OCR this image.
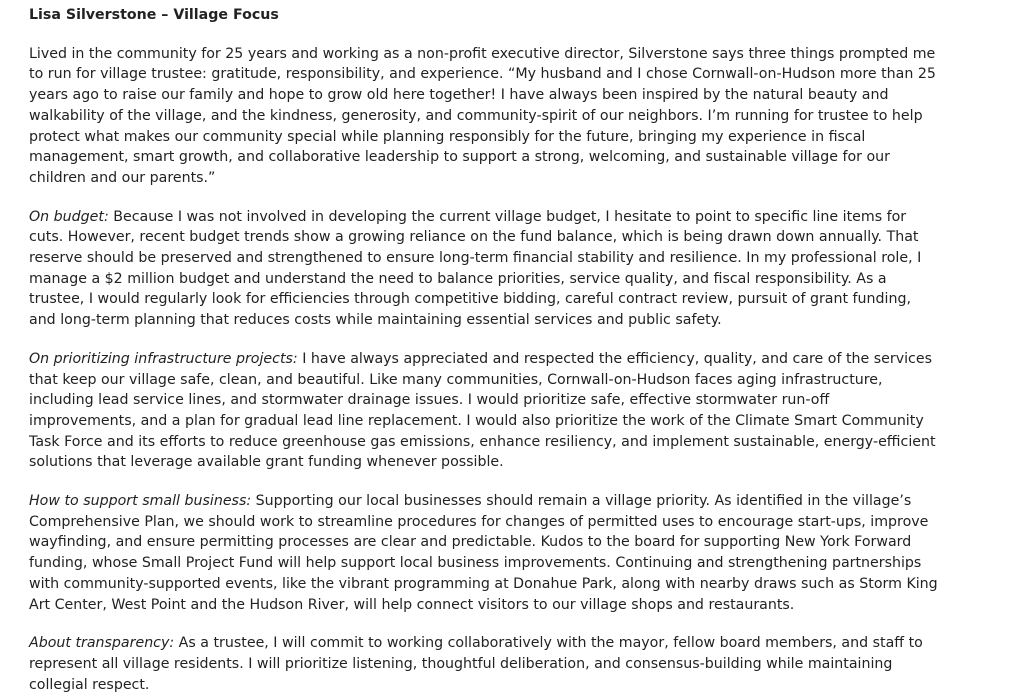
Lisa Silverstone – Village Focus

Lived in the community for 25 years and working as a non-profit executive director, Silverstone says three things prompted me to run for village trustee: gratitude, responsibility, and experience. “My husband and I chose Cornwall-on-Hudson more than 25 years ago to raise our family and hope to grow old here together! I have always been inspired by the natural beauty and walkability of the village, and the kindness, generosity, and community-spirit of our neighbors. I’m running for trustee to help protect what makes our community special while planning responsibly for the future, bringing my experience in fiscal management, smart growth, and collaborative leadership to support a strong, welcoming, and sustainable village for our children and our parents.”

On budget: Because I was not involved in developing the current village budget, I hesitate to point to specific line items for cuts. However, recent budget trends show a growing reliance on the fund balance, which is being drawn down annually. That reserve should be preserved and strengthened to ensure long-term financial stability and resilience. In my professional role, I manage a $2 million budget and understand the need to balance priorities, service quality, and fiscal responsibility. As a trustee, I would regularly look for efficiencies through competitive bidding, careful contract review, pursuit of grant funding, and long-term planning that reduces costs while maintaining essential services and public safety.

On prioritizing infrastructure projects: I have always appreciated and respected the efficiency, quality, and care of the services that keep our village safe, clean, and beautiful. Like many communities, Cornwall-on-Hudson faces aging infrastructure, including lead service lines, and stormwater drainage issues. I would prioritize safe, effective stormwater run-off improvements, and a plan for gradual lead line replacement. I would also prioritize the work of the Climate Smart Community Task Force and its efforts to reduce greenhouse gas emissions, enhance resiliency, and implement sustainable, energy-efficient solutions that leverage available grant funding whenever possible.

How to support small business: Supporting our local businesses should remain a village priority. As identified in the village’s Comprehensive Plan, we should work to streamline procedures for changes of permitted uses to encourage start-ups, improve wayfinding, and ensure permitting processes are clear and predictable. Kudos to the board for supporting New York Forward funding, whose Small Project Fund will help support local business improvements. Continuing and strengthening partnerships with community-supported events, like the vibrant programming at Donahue Park, along with nearby draws such as Storm King Art Center, West Point and the Hudson River, will help connect visitors to our village shops and restaurants.

About transparency: As a trustee, I will commit to working collaboratively with the mayor, fellow board members, and staff to represent all village residents. I will prioritize listening, thoughtful deliberation, and consensus-building while maintaining collegial respect.
